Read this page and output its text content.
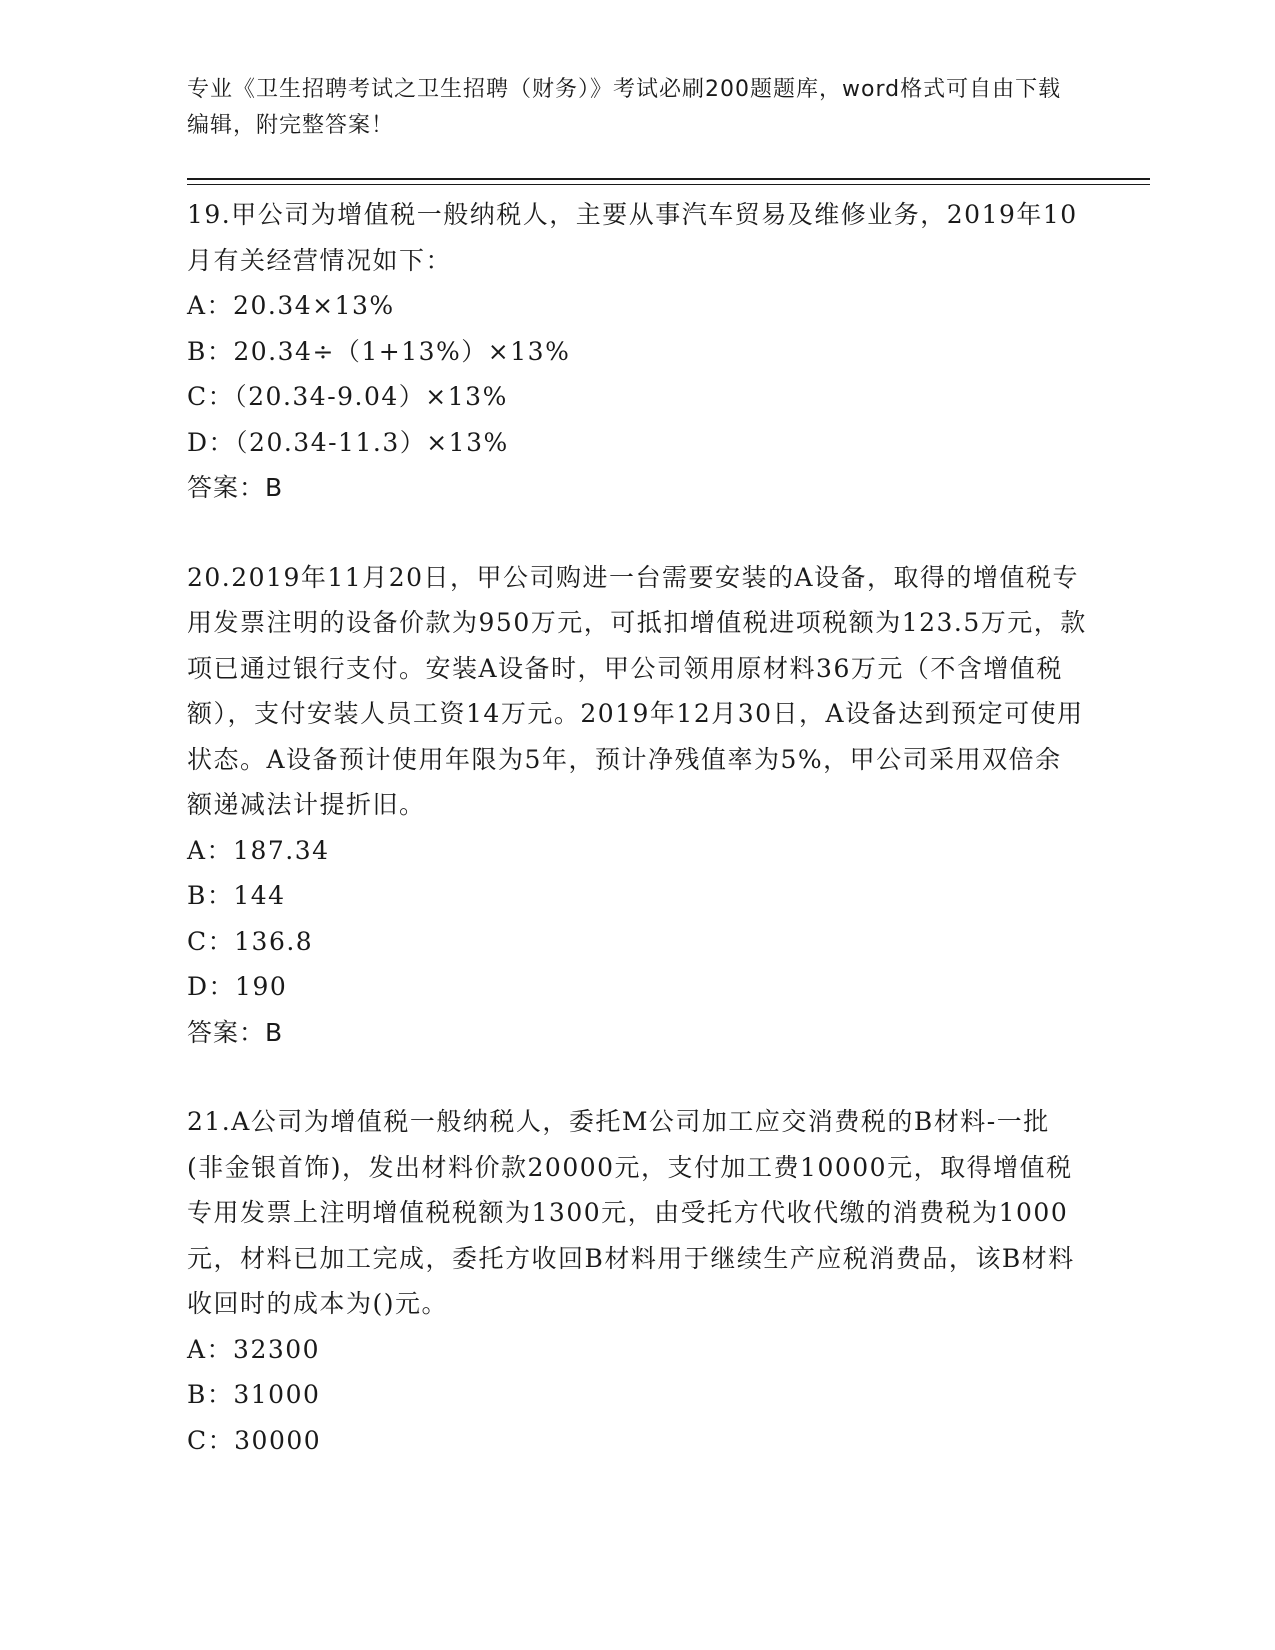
专业《卫生招聘考试之卫生招聘（财务）》考试必刷200题题库，word格式可自由下载编辑，附完整答案！

19.甲公司为增值税一般纳税人，主要从事汽车贸易及维修业务，2019年10月有关经营情况如下：

A：20.34×13%

B：20.34÷（1+13%）×13%

C：（20.34-9.04）×13%

D：（20.34-11.3）×13%

答案：B

20.2019年11月20日，甲公司购进一台需要安装的A设备，取得的增值税专用发票注明的设备价款为950万元，可抵扣增值税进项税额为123.5万元，款项已通过银行支付。安装A设备时，甲公司领用原材料36万元（不含增值税额），支付安装人员工资14万元。2019年12月30日，A设备达到预定可使用状态。A设备预计使用年限为5年，预计净残值率为5%，甲公司采用双倍余额递减法计提折旧。

A：187.34

B：144

C：136.8

D：190

答案：B

21.A公司为增值税一般纳税人，委托M公司加工应交消费税的B材料-一批(非金银首饰)，发出材料价款20000元，支付加工费10000元，取得增值税专用发票上注明增值税税额为1300元，由受托方代收代缴的消费税为1000元，材料已加工完成，委托方收回B材料用于继续生产应税消费品，该B材料收回时的成本为()元。

A：32300

B：31000

C：30000
